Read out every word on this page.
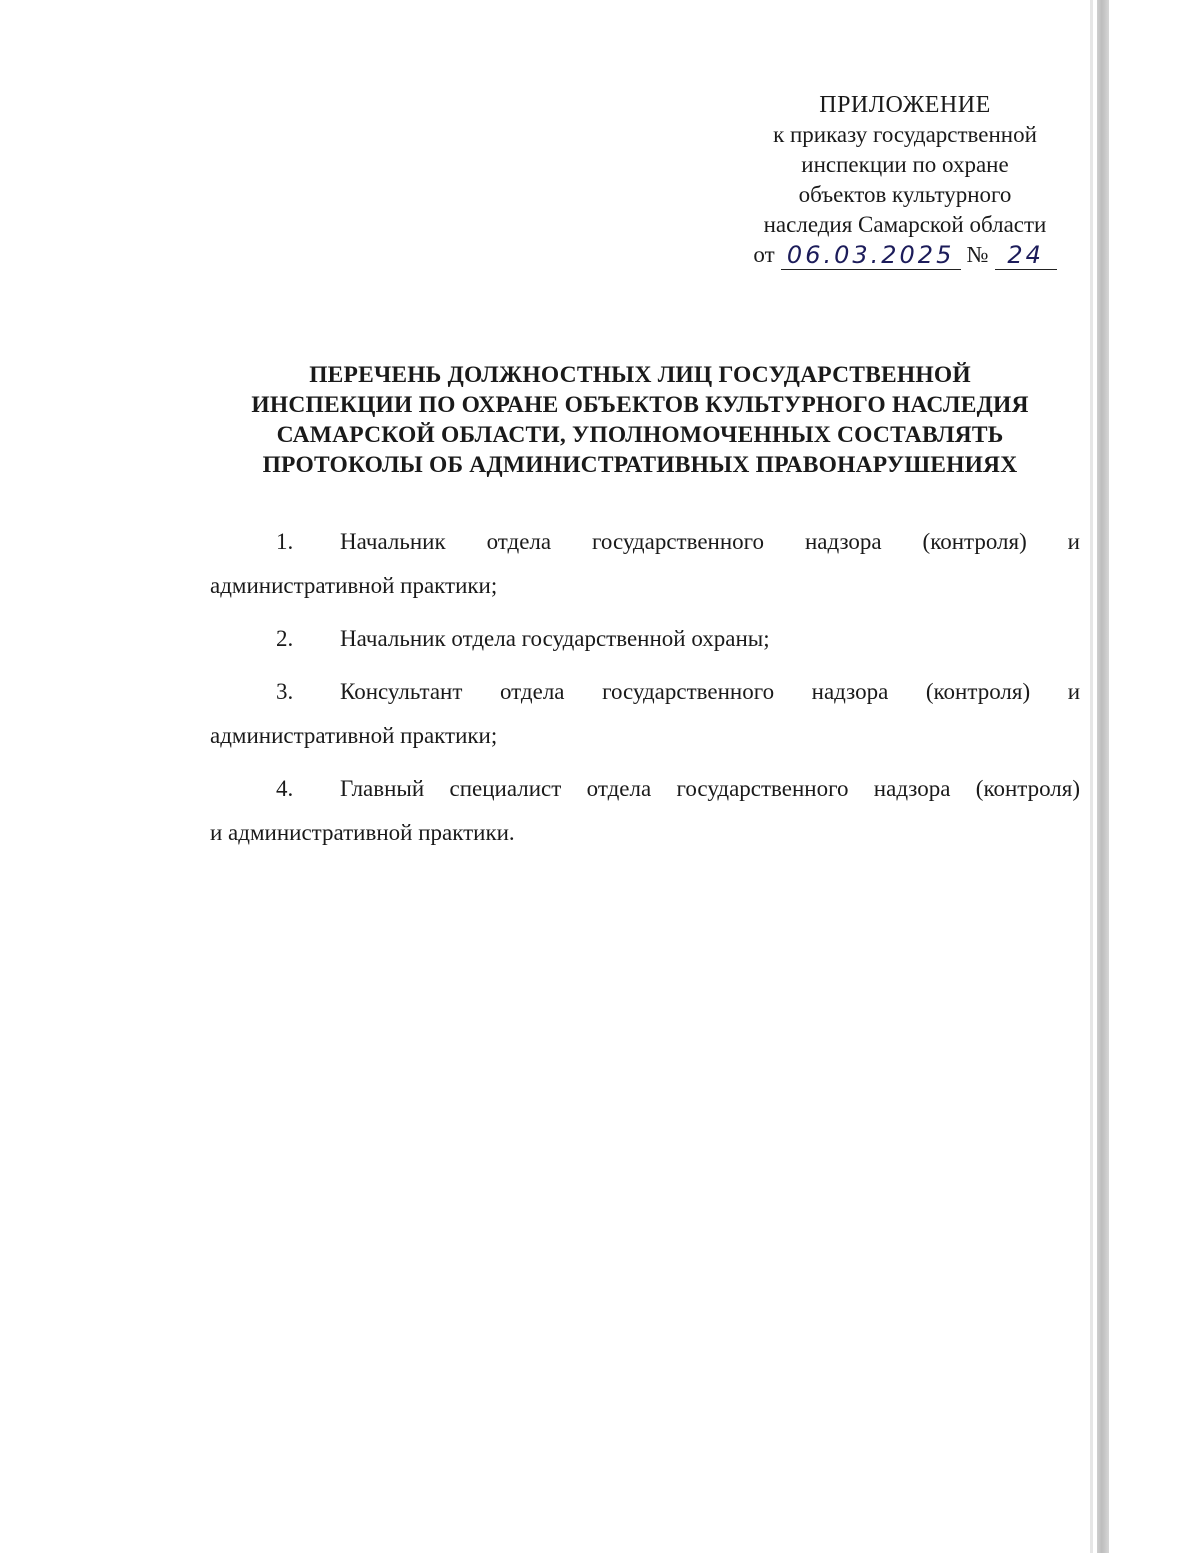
ПРИЛОЖЕНИЕ
к приказу государственной
инспекции по охране
объектов культурного
наследия Самарской области
от 06.03.2025 № 24
ПЕРЕЧЕНЬ ДОЛЖНОСТНЫХ ЛИЦ ГОСУДАРСТВЕННОЙ
ИНСПЕКЦИИ ПО ОХРАНЕ ОБЪЕКТОВ КУЛЬТУРНОГО НАСЛЕДИЯ
САМАРСКОЙ ОБЛАСТИ, УПОЛНОМОЧЕННЫХ СОСТАВЛЯТЬ
ПРОТОКОЛЫ ОБ АДМИНИСТРАТИВНЫХ ПРАВОНАРУШЕНИЯХ
1. Начальник отдела государственного надзора (контроля) и
административной практики;
2. Начальник отдела государственной охраны;
3. Консультант отдела государственного надзора (контроля) и
административной практики;
4. Главный специалист отдела государственного надзора (контроля)
и административной практики.
